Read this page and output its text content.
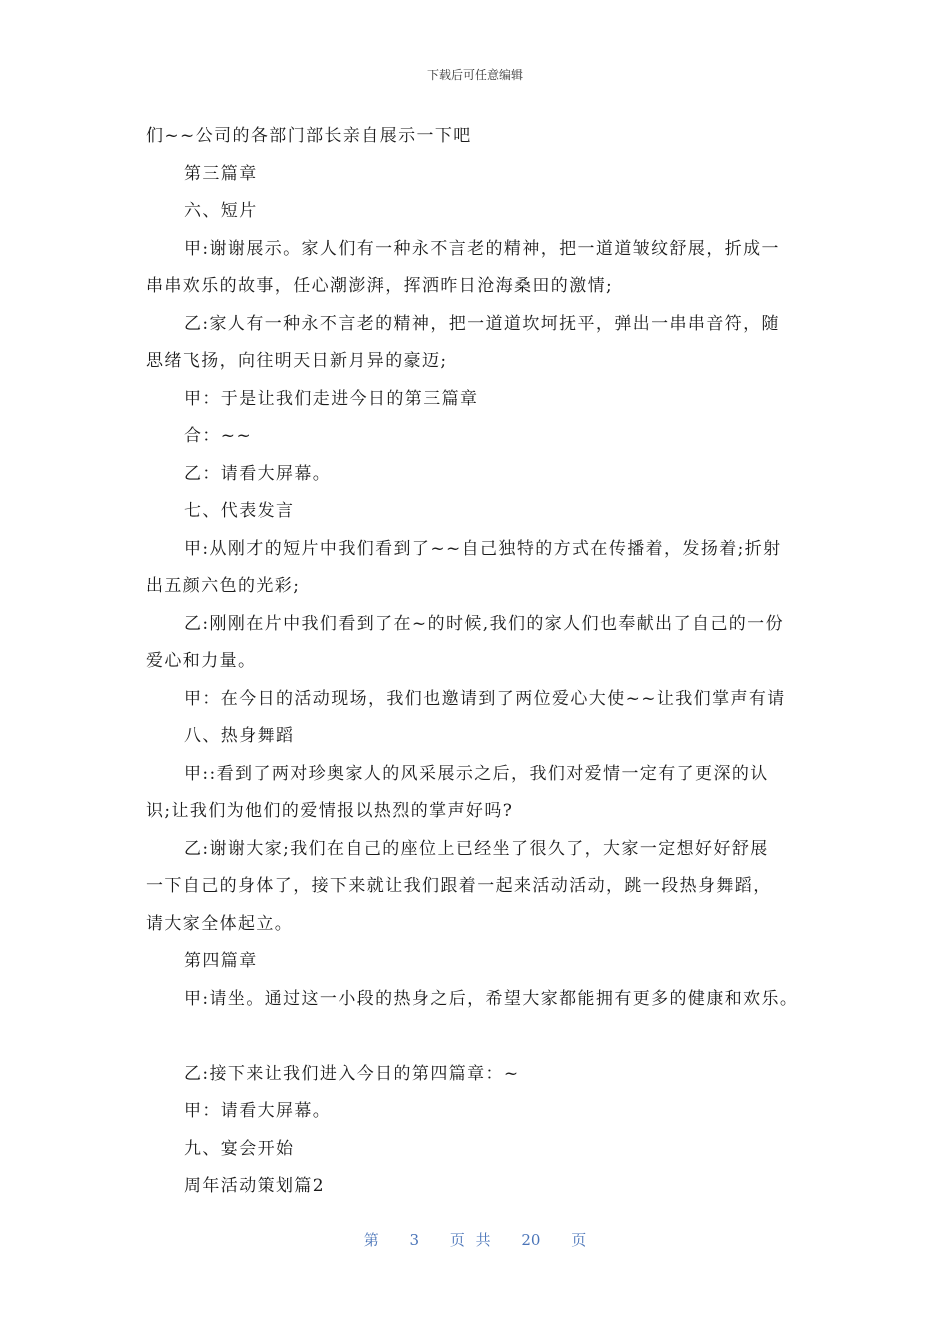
下载后可任意编辑
们~~公司的各部门部长亲自展示一下吧
第三篇章
六、短片
甲:谢谢展示。家人们有一种永不言老的精神，把一道道皱纹舒展，折成一
串串欢乐的故事，任心潮澎湃，挥洒昨日沧海桑田的激情;
乙:家人有一种永不言老的精神，把一道道坎坷抚平，弹出一串串音符，随
思绪飞扬，向往明天日新月异的豪迈;
甲：于是让我们走进今日的第三篇章
合：~~
乙：请看大屏幕。
七、代表发言
甲:从刚才的短片中我们看到了~~自己独特的方式在传播着，发扬着;折射
出五颜六色的光彩;
乙:刚刚在片中我们看到了在~的时候,我们的家人们也奉献出了自己的一份
爱心和力量。
甲：在今日的活动现场，我们也邀请到了两位爱心大使~~让我们掌声有请
八、热身舞蹈
甲::看到了两对珍奥家人的风采展示之后，我们对爱情一定有了更深的认
识;让我们为他们的爱情报以热烈的掌声好吗?
乙:谢谢大家;我们在自己的座位上已经坐了很久了，大家一定想好好舒展
一下自己的身体了，接下来就让我们跟着一起来活动活动，跳一段热身舞蹈，
请大家全体起立。
第四篇章
甲:请坐。通过这一小段的热身之后，希望大家都能拥有更多的健康和欢乐。
乙:接下来让我们进入今日的第四篇章：~
甲：请看大屏幕。
九、宴会开始
周年活动策划篇2
第 3 页 共 20 页
